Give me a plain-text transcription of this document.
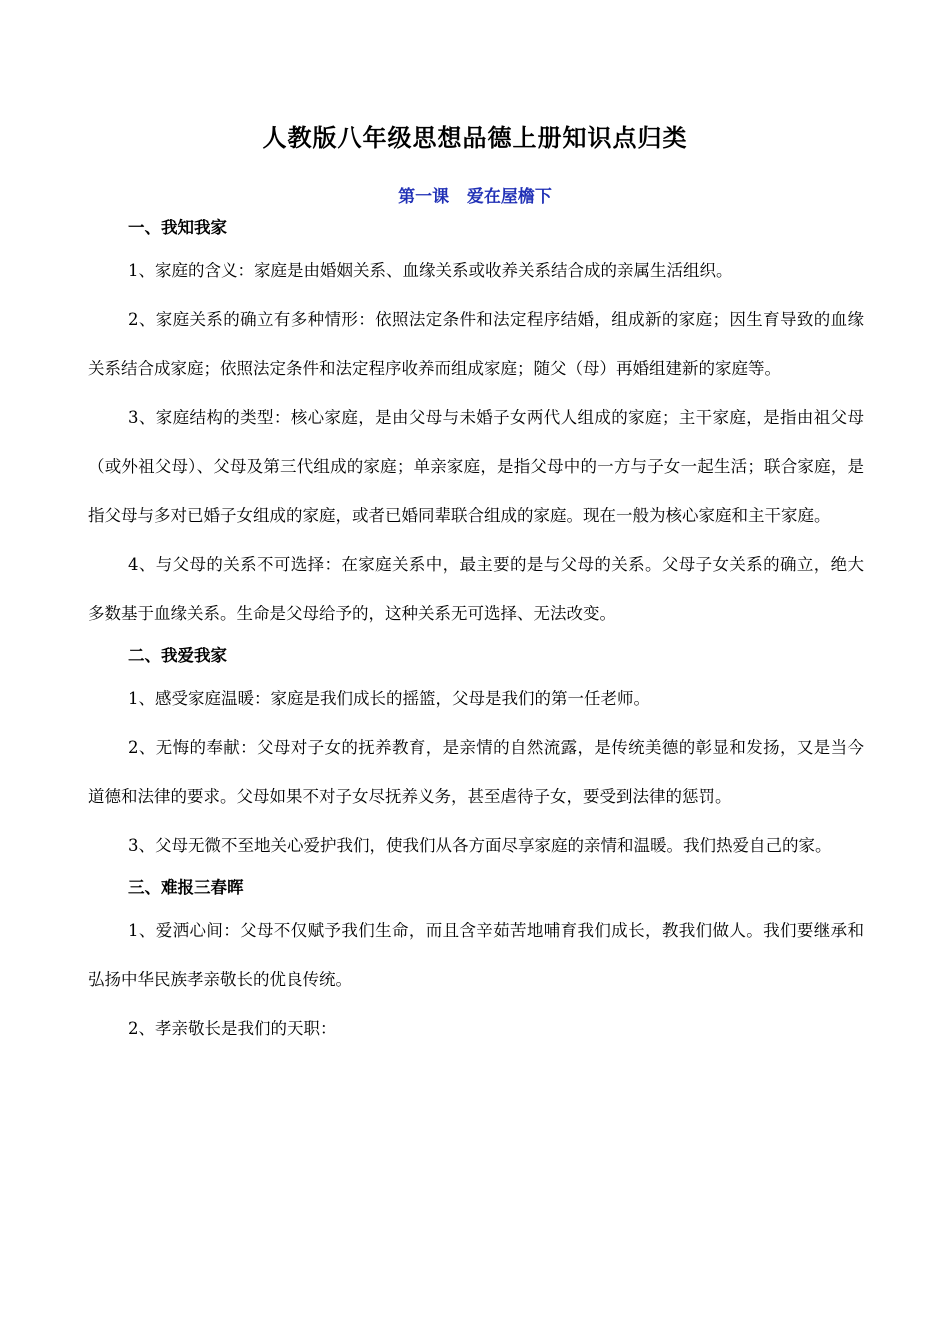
人教版八年级思想品德上册知识点归类
第一课   爱在屋檐下

一、我知我家

1、家庭的含义：家庭是由婚姻关系、血缘关系或收养关系结合成的亲属生活组织。

2、家庭关系的确立有多种情形：依照法定条件和法定程序结婚，组成新的家庭；因生育导致的血缘关系结合成家庭；依照法定条件和法定程序收养而组成家庭；随父（母）再婚组建新的家庭等。

3、家庭结构的类型：核心家庭，是由父母与未婚子女两代人组成的家庭；主干家庭，是指由祖父母（或外祖父母）、父母及第三代组成的家庭；单亲家庭，是指父母中的一方与子女一起生活；联合家庭，是指父母与多对已婚子女组成的家庭，或者已婚同辈联合组成的家庭。现在一般为核心家庭和主干家庭。

4、与父母的关系不可选择：在家庭关系中，最主要的是与父母的关系。父母子女关系的确立，绝大多数基于血缘关系。生命是父母给予的，这种关系无可选择、无法改变。

二、我爱我家

1、感受家庭温暖：家庭是我们成长的摇篮，父母是我们的第一任老师。

2、无悔的奉献：父母对子女的抚养教育，是亲情的自然流露，是传统美德的彰显和发扬，又是当今道德和法律的要求。父母如果不对子女尽抚养义务，甚至虐待子女，要受到法律的惩罚。

3、父母无微不至地关心爱护我们，使我们从各方面尽享家庭的亲情和温暖。我们热爱自己的家。

三、难报三春晖

1、爱洒心间：父母不仅赋予我们生命，而且含辛茹苦地哺育我们成长，教我们做人。我们要继承和弘扬中华民族孝亲敬长的优良传统。

2、孝亲敬长是我们的天职：
